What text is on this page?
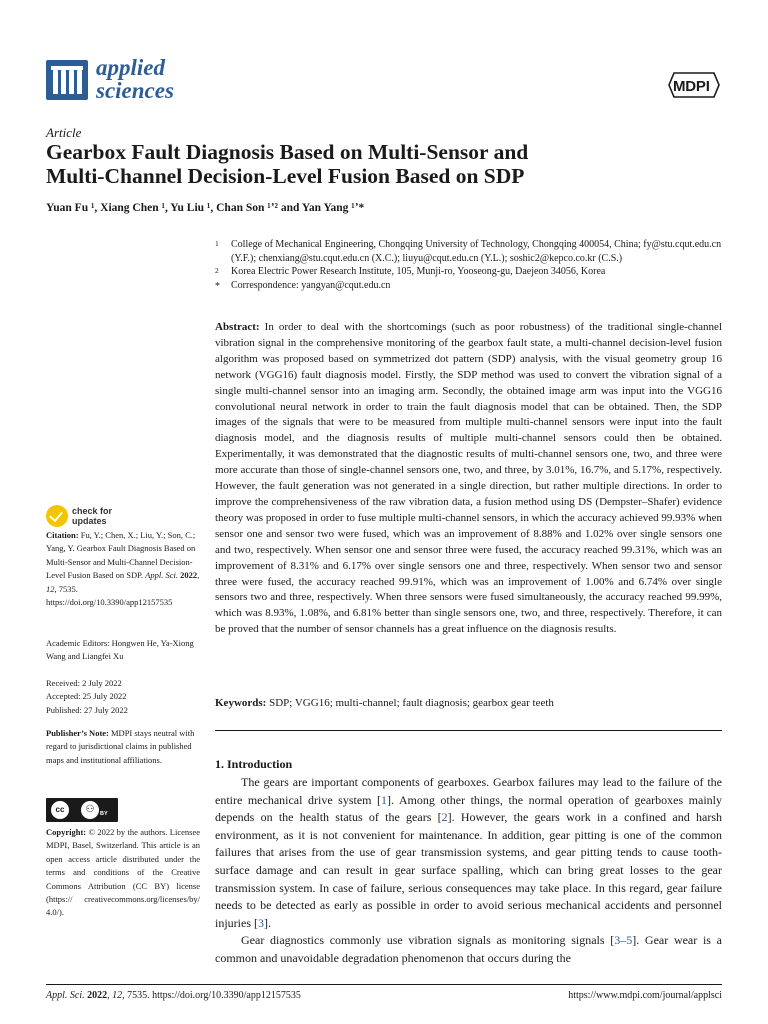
applied
sciences	MDPI
Article
Gearbox Fault Diagnosis Based on Multi-Sensor and
Multi-Channel Decision-Level Fusion Based on SDP
Yuan Fu ¹, Xiang Chen ¹, Yu Liu ¹, Chan Son ¹ʼ² and Yan Yang ¹ʼ*
1 College of Mechanical Engineering, Chongqing University of Technology, Chongqing 400054, China; fy@stu.cqut.edu.cn (Y.F.); chenxiang@stu.cqut.edu.cn (X.C.); liuyu@cqut.edu.cn (Y.L.); soshic2@kepco.co.kr (C.S.)
2 Korea Electric Power Research Institute, 105, Munji-ro, Yooseong-gu, Daejeon 34056, Korea
* Correspondence: yangyan@cqut.edu.cn
Abstract: In order to deal with the shortcomings (such as poor robustness) of the traditional single-channel vibration signal in the comprehensive monitoring of the gearbox fault state, a multi-channel decision-level fusion algorithm was proposed based on symmetrized dot pattern (SDP) analysis, with the visual geometry group 16 network (VGG16) fault diagnosis model. Firstly, the SDP method was used to convert the vibration signal of a single multi-channel sensor into an imaging arm. Secondly, the obtained image arm was input into the VGG16 convolutional neural network in order to train the fault diagnosis model that can be obtained. Then, the SDP images of the signals that were to be measured from multiple multi-channel sensors were input into the fault diagnosis model, and the diagnosis results of multiple multi-channel sensors could then be obtained. Experimentally, it was demonstrated that the diagnostic results of multi-channel sensors one, two, and three were more accurate than those of single-channel sensors one, two, and three, by 3.01%, 16.7%, and 5.17%, respectively. However, the fault generation was not generated in a single direction, but rather multiple directions. In order to improve the comprehensiveness of the raw vibration data, a fusion method using DS (Dempster–Shafer) evidence theory was proposed in order to fuse multiple multi-channel sensors, in which the accuracy achieved 99.93% when sensor one and sensor two were fused, which was an improvement of 8.88% and 1.02% over single sensors one and two, respectively. When sensor one and sensor three were fused, the accuracy reached 99.31%, which was an improvement of 8.31% and 6.17% over single sensors one and three, respectively. When sensor two and sensor three were fused, the accuracy reached 99.91%, which was an improvement of 1.00% and 6.74% over single sensors two and three, respectively. When three sensors were fused simultaneously, the accuracy reached 99.99%, which was 8.93%, 1.08%, and 6.81% better than single sensors one, two, and three, respectively. Therefore, it can be proved that the number of sensor channels has a great influence on the diagnosis results.
Keywords: SDP; VGG16; multi-channel; fault diagnosis; gearbox gear teeth
1. Introduction

The gears are important components of gearboxes. Gearbox failures may lead to the failure of the entire mechanical drive system [1]. Among other things, the normal operation of gearboxes mainly depends on the health status of the gears [2]. However, the gears work in a confined and harsh environment, as it is not convenient for maintenance. In addition, gear pitting is one of the common failures that arises from the use of gear transmission systems, and gear pitting tends to cause tooth-surface damage and can result in gear surface spalling, which can bring great losses to the gear transmission system. In case of failure, serious consequences may take place. In this regard, gear failure needs to be detected as early as possible in order to avoid serious mechanical accidents and personnel injuries [3].

Gear diagnostics commonly use vibration signals as monitoring signals [3–5]. Gear wear is a common and unavoidable degradation phenomenon that occurs during the

check for
updates
Citation: Fu, Y.; Chen, X.; Liu, Y.; Son, C.; Yang, Y. Gearbox Fault Diagnosis Based on Multi-Sensor and Multi-Channel Decision-Level Fusion Based on SDP. Appl. Sci. 2022, 12, 7535. https://doi.org/10.3390/app12157535
Academic Editors: Hongwen He, Ya-Xiong Wang and Liangfei Xu
Received: 2 July 2022
Accepted: 25 July 2022
Published: 27 July 2022
Publisher’s Note: MDPI stays neutral with regard to jurisdictional claims in published maps and institutional affiliations.
cc	⚇	BY
Copyright: © 2022 by the authors. Licensee MDPI, Basel, Switzerland. This article is an open access article distributed under the terms and conditions of the Creative Commons Attribution (CC BY) license (https:// creativecommons.org/licenses/by/ 4.0/).
Appl. Sci. 2022, 12, 7535. https://doi.org/10.3390/app12157535	https://www.mdpi.com/journal/applsci
